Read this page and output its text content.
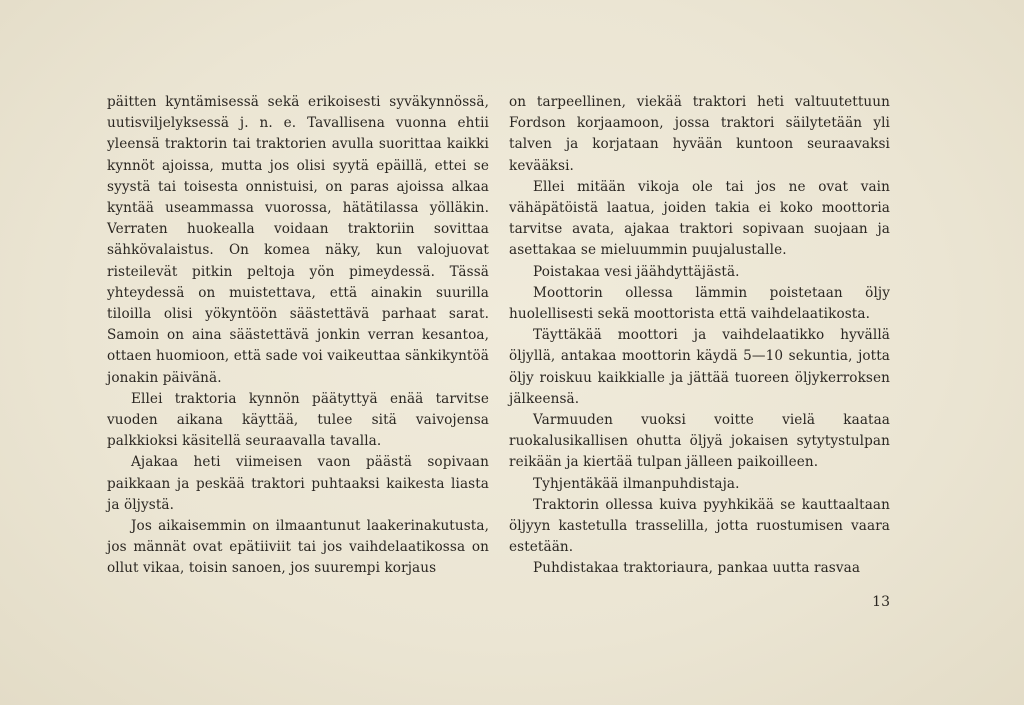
päitten kyntämisessä sekä erikoisesti syväkynnössä, uutisviljelyksessä j. n. e. Tavallisena vuonna ehtii yleensä traktorin tai traktorien avulla suorittaa kaikki kynnöt ajoissa, mutta jos olisi syytä epäillä, ettei se syystä tai toisesta onnistuisi, on paras ajoissa alkaa kyntää useammassa vuorossa, hätätilassa yölläkin. Verraten huokealla voidaan traktoriin sovittaa sähkövalaistus. On komea näky, kun valojuovat risteilevät pitkin peltoja yön pimeydessä. Tässä yhteydessä on muistettava, että ainakin suurilla tiloilla olisi yökyntöön säästettävä parhaat sarat. Samoin on aina säästettävä jonkin verran kesantoa, ottaen huomioon, että sade voi vaikeuttaa sänkikyntöä jonakin päivänä.

Ellei traktoria kynnön päätyttyä enää tarvitse vuoden aikana käyttää, tulee sitä vaivojensa palkkioksi käsitellä seuraavalla tavalla.

Ajakaa heti viimeisen vaon päästä sopivaan paikkaan ja peskää traktori puhtaaksi kaikesta liasta ja öljystä.

Jos aikaisemmin on ilmaantunut laakerinakutusta, jos männät ovat epätiiviit tai jos vaihdelaatikossa on ollut vikaa, toisin sanoen, jos suurempi korjaus

on tarpeellinen, viekää traktori heti valtuutettuun Fordson korjaamoon, jossa traktori säilytetään yli talven ja korjataan hyvään kuntoon seuraavaksi kevääksi.

Ellei mitään vikoja ole tai jos ne ovat vain vähäpätöistä laatua, joiden takia ei koko moottoria tarvitse avata, ajakaa traktori sopivaan suojaan ja asettakaa se mieluummin puujalustalle.

Poistakaa vesi jäähdyttäjästä.

Moottorin ollessa lämmin poistetaan öljy huolellisesti sekä moottorista että vaihdelaatikosta.

Täyttäkää moottori ja vaihdelaatikko hyvällä öljyllä, antakaa moottorin käydä 5—10 sekuntia, jotta öljy roiskuu kaikkialle ja jättää tuoreen öljykerroksen jälkeensä.

Varmuuden vuoksi voitte vielä kaataa ruokalusikallisen ohutta öljyä jokaisen sytytystulpan reikään ja kiertää tulpan jälleen paikoilleen.

Tyhjentäkää ilmanpuhdistaja.

Traktorin ollessa kuiva pyyhkikää se kauttaaltaan öljyyn kastetulla trasselilla, jotta ruostumisen vaara estetään.

Puhdistakaa traktoriaura, pankaa uutta rasvaa

13
